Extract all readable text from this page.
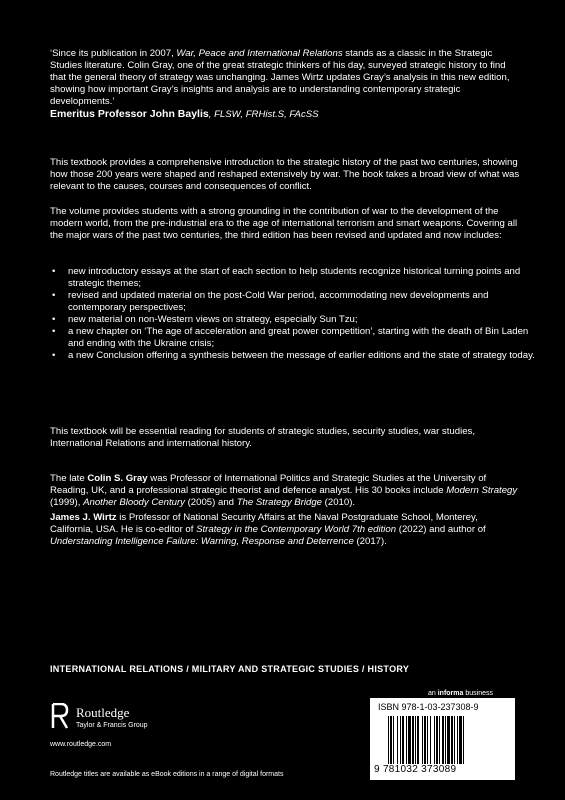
‘Since its publication in 2007, War, Peace and International Relations stands as a classic in the Strategic Studies literature. Colin Gray, one of the great strategic thinkers of his day, surveyed strategic history to find that the general theory of strategy was unchanging. James Wirtz updates Gray’s analysis in this new edition, showing how important Gray’s insights and analysis are to understanding contemporary strategic developments.’
Emeritus Professor John Baylis, FLSW, FRHist.S, FAcSS

This textbook provides a comprehensive introduction to the strategic history of the past two centuries, showing how those 200 years were shaped and reshaped extensively by war. The book takes a broad view of what was relevant to the causes, courses and consequences of conflict.

The volume provides students with a strong grounding in the contribution of war to the development of the modern world, from the pre-industrial era to the age of international terrorism and smart weapons. Covering all the major wars of the past two centuries, the third edition has been revised and updated and now includes:

• new introductory essays at the start of each section to help students recognize historical turning points and strategic themes;
• revised and updated material on the post-Cold War period, accommodating new developments and contemporary perspectives;
• new material on non-Western views on strategy, especially Sun Tzu;
• a new chapter on ‘The age of acceleration and great power competition’, starting with the death of Bin Laden and ending with the Ukraine crisis;
• a new Conclusion offering a synthesis between the message of earlier editions and the state of strategy today.

This textbook will be essential reading for students of strategic studies, security studies, war studies, International Relations and international history.

The late Colin S. Gray was Professor of International Politics and Strategic Studies at the University of Reading, UK, and a professional strategic theorist and defence analyst. His 30 books include Modern Strategy (1999), Another Bloody Century (2005) and The Strategy Bridge (2010).

James J. Wirtz is Professor of National Security Affairs at the Naval Postgraduate School, Monterey, California, USA. He is co-editor of Strategy in the Contemporary World 7th edition (2022) and author of Understanding Intelligence Failure: Warning, Response and Deterrence (2017).

INTERNATIONAL RELATIONS / MILITARY AND STRATEGIC STUDIES / HISTORY
an informa business
Routledge
Taylor & Francis Group
www.routledge.com
Routledge titles are available as eBook editions in a range of digital formats
ISBN 978-1-03-237308-9
9 781032 373089
